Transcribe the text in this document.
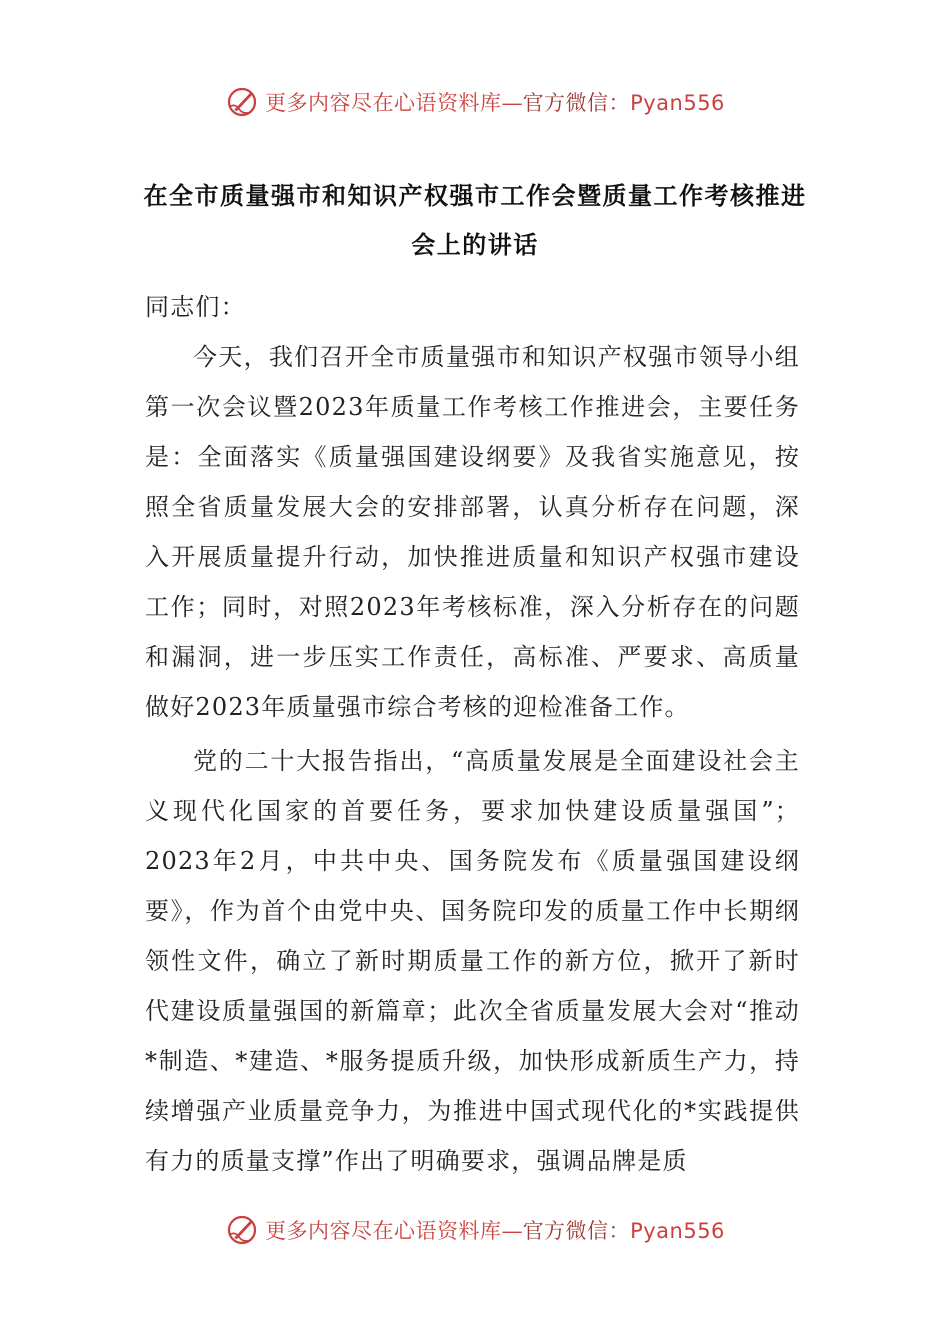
更多内容尽在心语资料库—官方微信：Pyan556
在全市质量强市和知识产权强市工作会暨质量工作考核推进会上的讲话

同志们：

今天，我们召开全市质量强市和知识产权强市领导小组第一次会议暨2023年质量工作考核工作推进会，主要任务是：全面落实《质量强国建设纲要》及我省实施意见，按照全省质量发展大会的安排部署，认真分析存在问题，深入开展质量提升行动，加快推进质量和知识产权强市建设工作；同时，对照2023年考核标准，深入分析存在的问题和漏洞，进一步压实工作责任，高标准、严要求、高质量做好2023年质量强市综合考核的迎检准备工作。

党的二十大报告指出，“高质量发展是全面建设社会主义现代化国家的首要任务，要求加快建设质量强国”；2023年2月，中共中央、国务院发布《质量强国建设纲要》，作为首个由党中央、国务院印发的质量工作中长期纲领性文件，确立了新时期质量工作的新方位，掀开了新时代建设质量强国的新篇章；此次全省质量发展大会对“推动*制造、*建造、*服务提质升级，加快形成新质生产力，持续增强产业质量竞争力，为推进中国式现代化的*实践提供有力的质量支撑”作出了明确要求，强调品牌是质

更多内容尽在心语资料库—官方微信：Pyan556
